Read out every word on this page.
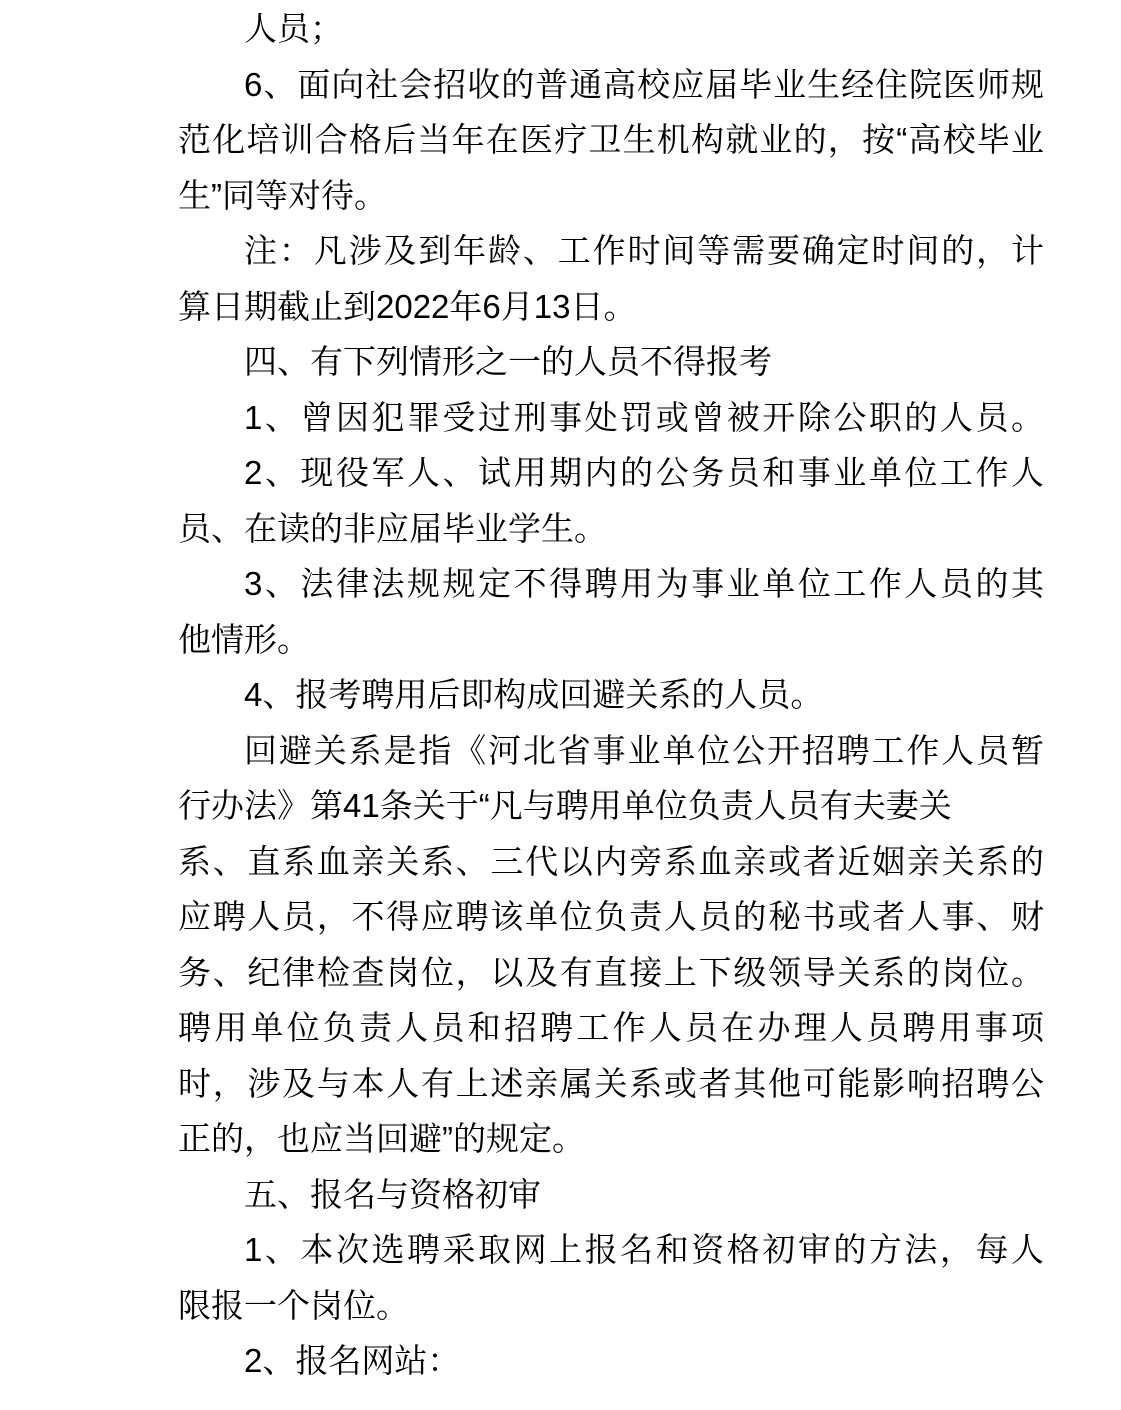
人员；
6、面向社会招收的普通高校应届毕业生经住院医师规
范化培训合格后当年在医疗卫生机构就业的，按“高校毕业
生”同等对待。
注：凡涉及到年龄、工作时间等需要确定时间的，计
算日期截止到2022年6月13日。
四、有下列情形之一的人员不得报考
1、曾因犯罪受过刑事处罚或曾被开除公职的人员。
2、现役军人、试用期内的公务员和事业单位工作人
员、在读的非应届毕业学生。
3、法律法规规定不得聘用为事业单位工作人员的其
他情形。
4、报考聘用后即构成回避关系的人员。
回避关系是指《河北省事业单位公开招聘工作人员暂
行办法》第41条关于“凡与聘用单位负责人员有夫妻关
系、直系血亲关系、三代以内旁系血亲或者近姻亲关系的
应聘人员，不得应聘该单位负责人员的秘书或者人事、财
务、纪律检查岗位，以及有直接上下级领导关系的岗位。
聘用单位负责人员和招聘工作人员在办理人员聘用事项
时，涉及与本人有上述亲属关系或者其他可能影响招聘公
正的，也应当回避”的规定。
五、报名与资格初审
1、本次选聘采取网上报名和资格初审的方法，每人
限报一个岗位。
2、报名网站：
